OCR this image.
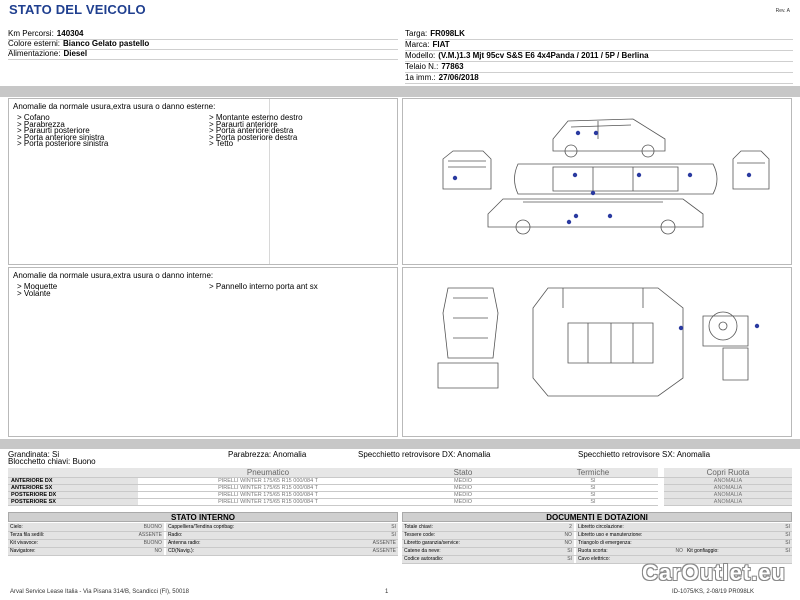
STATO DEL VEICOLO	Rev. A
Km Percorsi: 140304
Colore esterni: Bianco Gelato pastello
Alimentazione: Diesel
Targa: FR098LK
Marca: FIAT
Modello: (V.M.)1.3 Mjt 95cv S&S E6 4x4Panda / 2011 / 5P / Berlina
Telaio N.: 77863
1a imm.: 27/06/2018
Anomalie da normale usura,extra usura o danno esterne:
> Cofano
> Parabrezza
> Paraurti posteriore
> Porta anteriore sinistra
> Porta posteriore sinistra
> Montante esterno destro
> Paraurti anteriore
> Porta anteriore destra
> Porta posteriore destra
> Tetto
Anomalie da normale usura,extra usura o danno interne:
> Moquette
> Volante
> Pannello interno porta ant sx
Grandinata: Si	Parabrezza: Anomalia	Specchietto retrovisore DX: Anomalia	Specchietto retrovisore SX: Anomalia
Blocchetto chiavi: Buono
	Pneumatico	Stato	Termiche		Copri Ruota
ANTERIORE DX	PIRELLI WINTER 175/65 R15 000/084 T	MEDIO	SI		ANOMALIA
ANTERIORE SX	PIRELLI WINTER 175/65 R15 000/084 T	MEDIO	SI		ANOMALIA
POSTERIORE DX	PIRELLI WINTER 175/65 R15 000/084 T	MEDIO	SI		ANOMALIA
POSTERIORE SX	PIRELLI WINTER 175/65 R15 000/084 T	MEDIO	SI		ANOMALIA
STATO INTERNO
Cielo:	BUONO		Cappelliera/Tendina copribag:	SI
Terza fila sedili:	ASSENTE		Radio:	SI
Kit vivavoce:	BUONO		Antenna radio:	ASSENTE
Navigatore:	NO		CD(Navig.):	ASSENTE
DOCUMENTI E DOTAZIONI
Totale chiavi:	2		Libretto circolazione:			SI
Tessere code:	NO		Libretto uso e manutenzione:			SI
Libretto garanzia/service:	NO		Triangolo di emergenza:			SI
Catene da neve:	SI		Ruota scorta:	NO	Kit gonfiaggio:	SI
Codice autoradio:	SI		Cavo elettrico:			
Arval Service Lease Italia - Via Pisana 314/B, Scandicci (FI), 50018	1	ID-1075/KS, 2-08/19 PR098LK
CarOutlet.eu
